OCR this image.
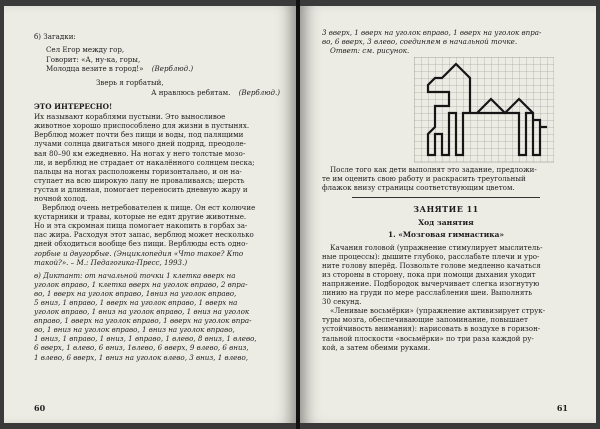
б) Загадки:
Сел Егор между гор,
Говорит: «А, ну-ка, горы,
Молодца везите в город!» (Верблюд.)
Зверь я горбатый,
А нравлюсь ребятам. (Верблюд.)
ЭТО ИНТЕРЕСНО!
Их называют кораблями пустыни. Это выносливое
животное хорошо приспособлено для жизни в пустынях.
Верблюд может почти без пищи и воды, под палящими
лучами солнца двигаться много дней подряд, преодоле-
вая 80–90 км ежедневно. На ногах у него толстые мозо-
ли, и верблюд не страдает от накалённого солнцем песка;
пальцы на ногах расположены горизонтально, и он на-
ступает на всю широкую лапу не проваливаясь; шерсть
густая и длинная, помогает переносить дневную жару и
ночной холод.
Верблюд очень нетребователен к пище. Он ест колючие
кустарники и травы, которые не едят другие животные.
Но и эта скромная пища помогает накопить в горбах за-
пас жира. Расходуя этот запас, верблюд может несколько
дней обходиться вообще без пищи. Верблюды есть одно-
горбые и двугорбые. (Энциклопедия «Что такое? Кто
такой?». – М.: Педагогика-Пресс, 1993.)
в) Диктант: от начальной точки 1 клетка вверх на
уголок вправо, 1 клетка вверх на уголок вправо, 2 впра-
во, 1 вверх на уголок вправо, 1вниз на уголок вправо,
5 вниз, 1 вправо, 1 вверх на уголок вправо, 1 вверх на
уголок вправо, 1 вниз на уголок вправо, 1 вниз на уголок
вправо, 1 вверх на уголок вправо, 1 вверх на уголок впра-
во, 1 вниз на уголок вправо, 1 вниз на уголок вправо,
1 вниз, 1 вправо, 1 вниз, 1 вправо, 1 влево, 8 вниз, 1 влево,
6 вверх, 1 влево, 6 вниз, 1влево, 6 вверх, 9 влево, 6 вниз,
1 влево, 6 вверх, 1 вниз на уголок влево, 3 вниз, 1 влево,
60
3 вверх, 1 вверх на уголок вправо, 1 вверх на уголок впра-
во, 6 вверх, 3 влево, соединяем в начальной точке.
Ответ: см. рисунок.
После того как дети выполнят это задание, предложи-
те им оценить свою работу и раскрасить треугольный
флажок внизу страницы соответствующим цветом.
ЗАНЯТИЕ 11
Ход занятия
1. «Мозговая гимнастика»
Качания головой (упражнение стимулирует мыслитель-
ные процессы): дышите глубоко, расслабьте плечи и уро-
ните голову вперёд. Позвольте голове медленно качаться
из стороны в сторону, пока при помощи дыхания уходит
напряжение. Подбородок вычерчивает слегка изогнутую
линию на груди по мере расслабления шеи. Выполнять
30 секунд.
«Ленивые восьмёрки» (упражнение активизирует струк-
туры мозга, обеспечивающие запоминание, повышает
устойчивость внимания): нарисовать в воздухе в горизон-
тальной плоскости «восьмёрки» по три раза каждой ру-
кой, а затем обеими руками.
61
